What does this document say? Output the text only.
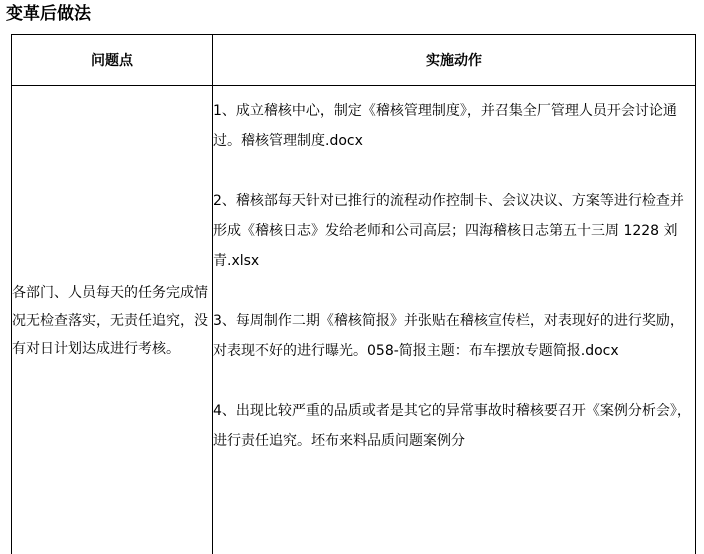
变革后做法
问题点	实施动作
各部门、人员每天的任务完成情况无检查落实，无责任追究，没有对日计划达成进行考核。	1、成立稽核中心，制定《稽核管理制度》，并召集全厂管理人员开会讨论通过。稽核管理制度.docx

2、稽核部每天针对已推行的流程动作控制卡、会议决议、方案等进行检查并形成《稽核日志》发给老师和公司高层；四海稽核日志第五十三周 1228 刘青.xlsx

3、每周制作二期《稽核简报》并张贴在稽核宣传栏，对表现好的进行奖励，对表现不好的进行曝光。058-简报主题：布车摆放专题简报.docx

4、出现比较严重的品质或者是其它的异常事故时稽核要召开《案例分析会》，进行责任追究。坯布来料品质问题案例分
